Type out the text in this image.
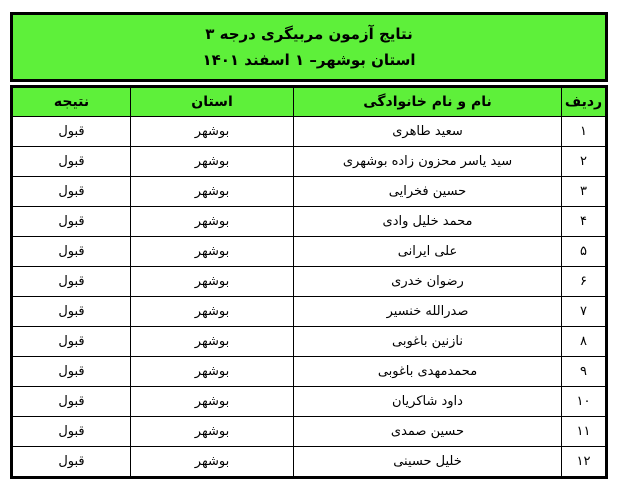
نتایج آزمون مربیگری درجه ۳
استان بوشهر– ۱ اسفند ۱۴۰۱
ردیف	نام و نام خانوادگی	استان	نتیجه
۱	سعید طاهری	بوشهر	قبول
۲	سید یاسر محزون زاده بوشهری	بوشهر	قبول
۳	حسین فخرایی	بوشهر	قبول
۴	محمد خلیل وادی	بوشهر	قبول
۵	علی ایرانی	بوشهر	قبول
۶	رضوان خدری	بوشهر	قبول
۷	صدرالله خنسیر	بوشهر	قبول
۸	نازنین باغوبی	بوشهر	قبول
۹	محمدمهدی باغوبی	بوشهر	قبول
۱۰	داود شاکریان	بوشهر	قبول
۱۱	حسین صمدی	بوشهر	قبول
۱۲	خلیل حسینی	بوشهر	قبول
